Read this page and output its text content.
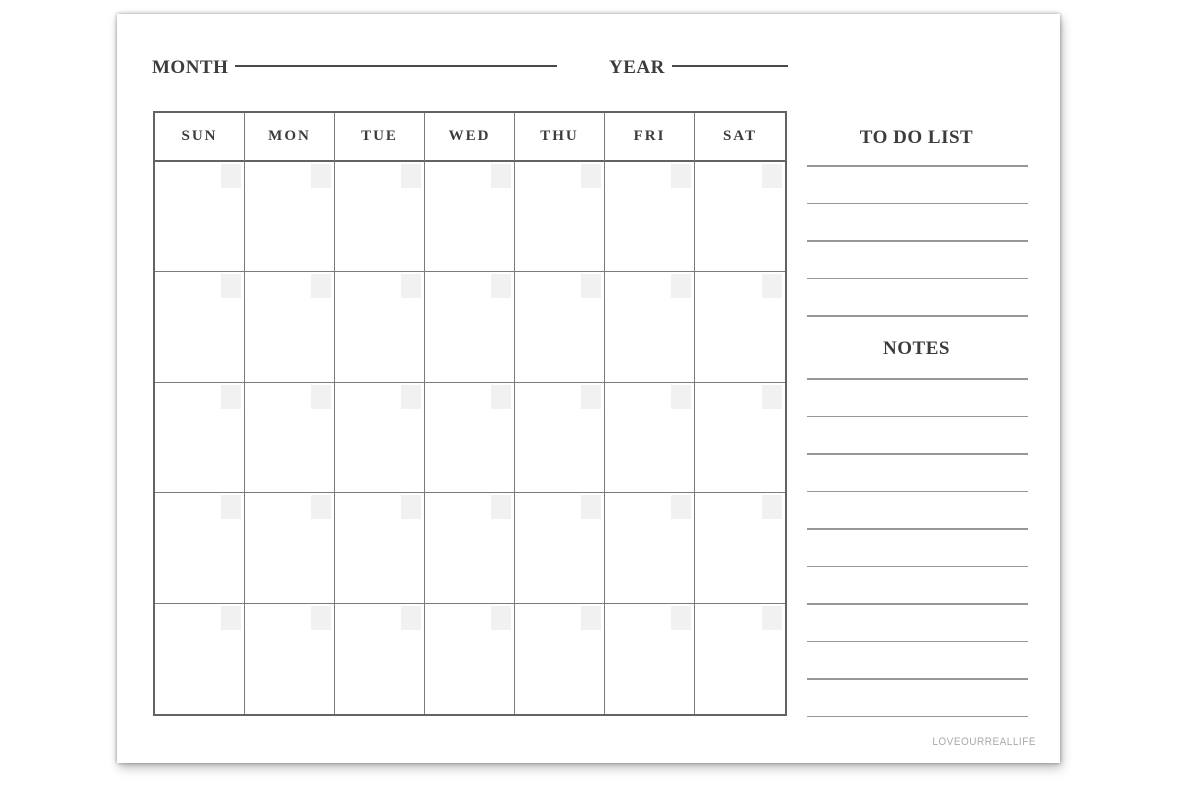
MONTH	YEAR
SUN	MON	TUE	WED	THU	FRI	SAT	TO DO LIST
NOTES
LOVEOURREALLIFE
